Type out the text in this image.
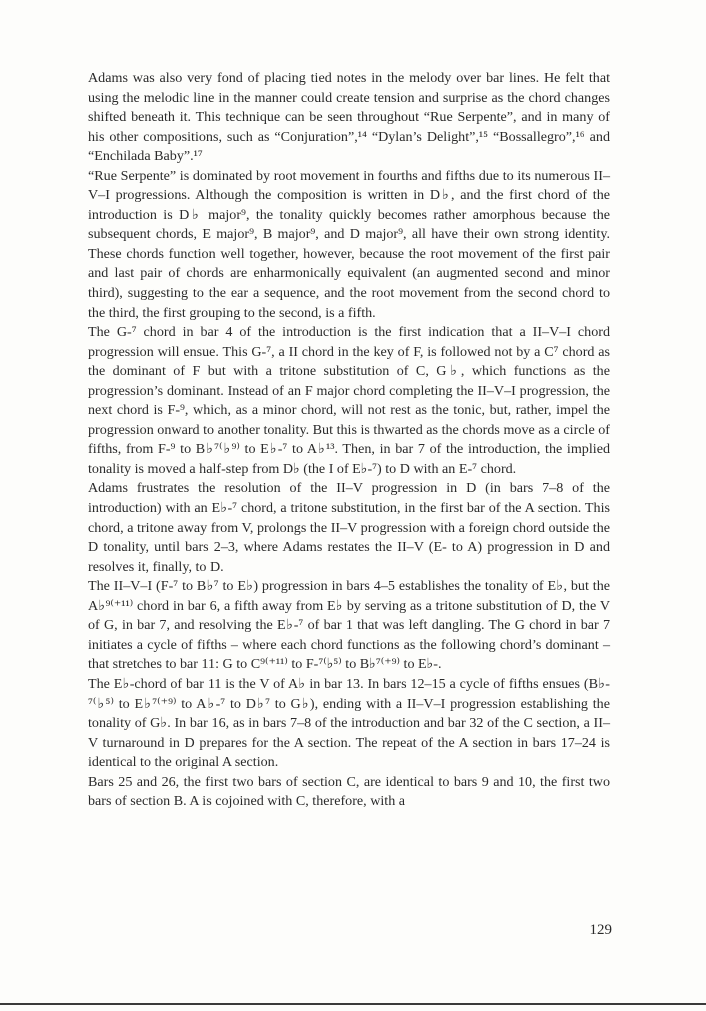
Adams was also very fond of placing tied notes in the melody over bar lines. He felt that using the melodic line in the manner could create tension and surprise as the chord changes shifted beneath it. This technique can be seen throughout “Rue Serpente”, and in many of his other compositions, such as “Conjuration”,¹⁴ “Dylan’s Delight”,¹⁵ “Bossallegro”,¹⁶ and “Enchilada Baby”.¹⁷

“Rue Serpente” is dominated by root movement in fourths and fifths due to its numerous II–V–I progressions. Although the composition is written in D♭, and the first chord of the introduction is D♭ major⁹, the tonality quickly becomes rather amorphous because the subsequent chords, E major⁹, B major⁹, and D major⁹, all have their own strong identity. These chords function well together, however, because the root movement of the first pair and last pair of chords are enharmonically equivalent (an augmented second and minor third), suggesting to the ear a sequence, and the root movement from the second chord to the third, the first grouping to the second, is a fifth.

The G-⁷ chord in bar 4 of the introduction is the first indication that a II–V–I chord progression will ensue. This G-⁷, a II chord in the key of F, is followed not by a C⁷ chord as the dominant of F but with a tritone substitution of C, G♭, which functions as the progression’s dominant. Instead of an F major chord completing the II–V–I progression, the next chord is F-⁹, which, as a minor chord, will not rest as the tonic, but, rather, impel the progression onward to another tonality. But this is thwarted as the chords move as a circle of fifths, from F-⁹ to B♭⁷⁽♭⁹⁾ to E♭-⁷ to A♭¹³. Then, in bar 7 of the introduction, the implied tonality is moved a half-step from D♭ (the I of E♭-⁷) to D with an E-⁷ chord.

Adams frustrates the resolution of the II–V progression in D (in bars 7–8 of the introduction) with an E♭-⁷ chord, a tritone substitution, in the first bar of the A section. This chord, a tritone away from V, prolongs the II–V progression with a foreign chord outside the D tonality, until bars 2–3, where Adams restates the II–V (E- to A) progression in D and resolves it, finally, to D.

The II–V–I (F-⁷ to B♭⁷ to E♭) progression in bars 4–5 establishes the tonality of E♭, but the A♭⁹⁽⁺¹¹⁾ chord in bar 6, a fifth away from E♭ by serving as a tritone substitution of D, the V of G, in bar 7, and resolving the E♭-⁷ of bar 1 that was left dangling. The G chord in bar 7 initiates a cycle of fifths – where each chord functions as the following chord’s dominant – that stretches to bar 11: G to C⁹⁽⁺¹¹⁾ to F-⁷⁽♭⁵⁾ to B♭⁷⁽⁺⁹⁾ to E♭-.

The E♭-chord of bar 11 is the V of A♭ in bar 13. In bars 12–15 a cycle of fifths ensues (B♭-⁷⁽♭⁵⁾ to E♭⁷⁽⁺⁹⁾ to A♭-⁷ to D♭⁷ to G♭), ending with a II–V–I progression establishing the tonality of G♭. In bar 16, as in bars 7–8 of the introduction and bar 32 of the C section, a II–V turnaround in D prepares for the A section. The repeat of the A section in bars 17–24 is identical to the original A section.

Bars 25 and 26, the first two bars of section C, are identical to bars 9 and 10, the first two bars of section B. A is cojoined with C, therefore, with a

129
